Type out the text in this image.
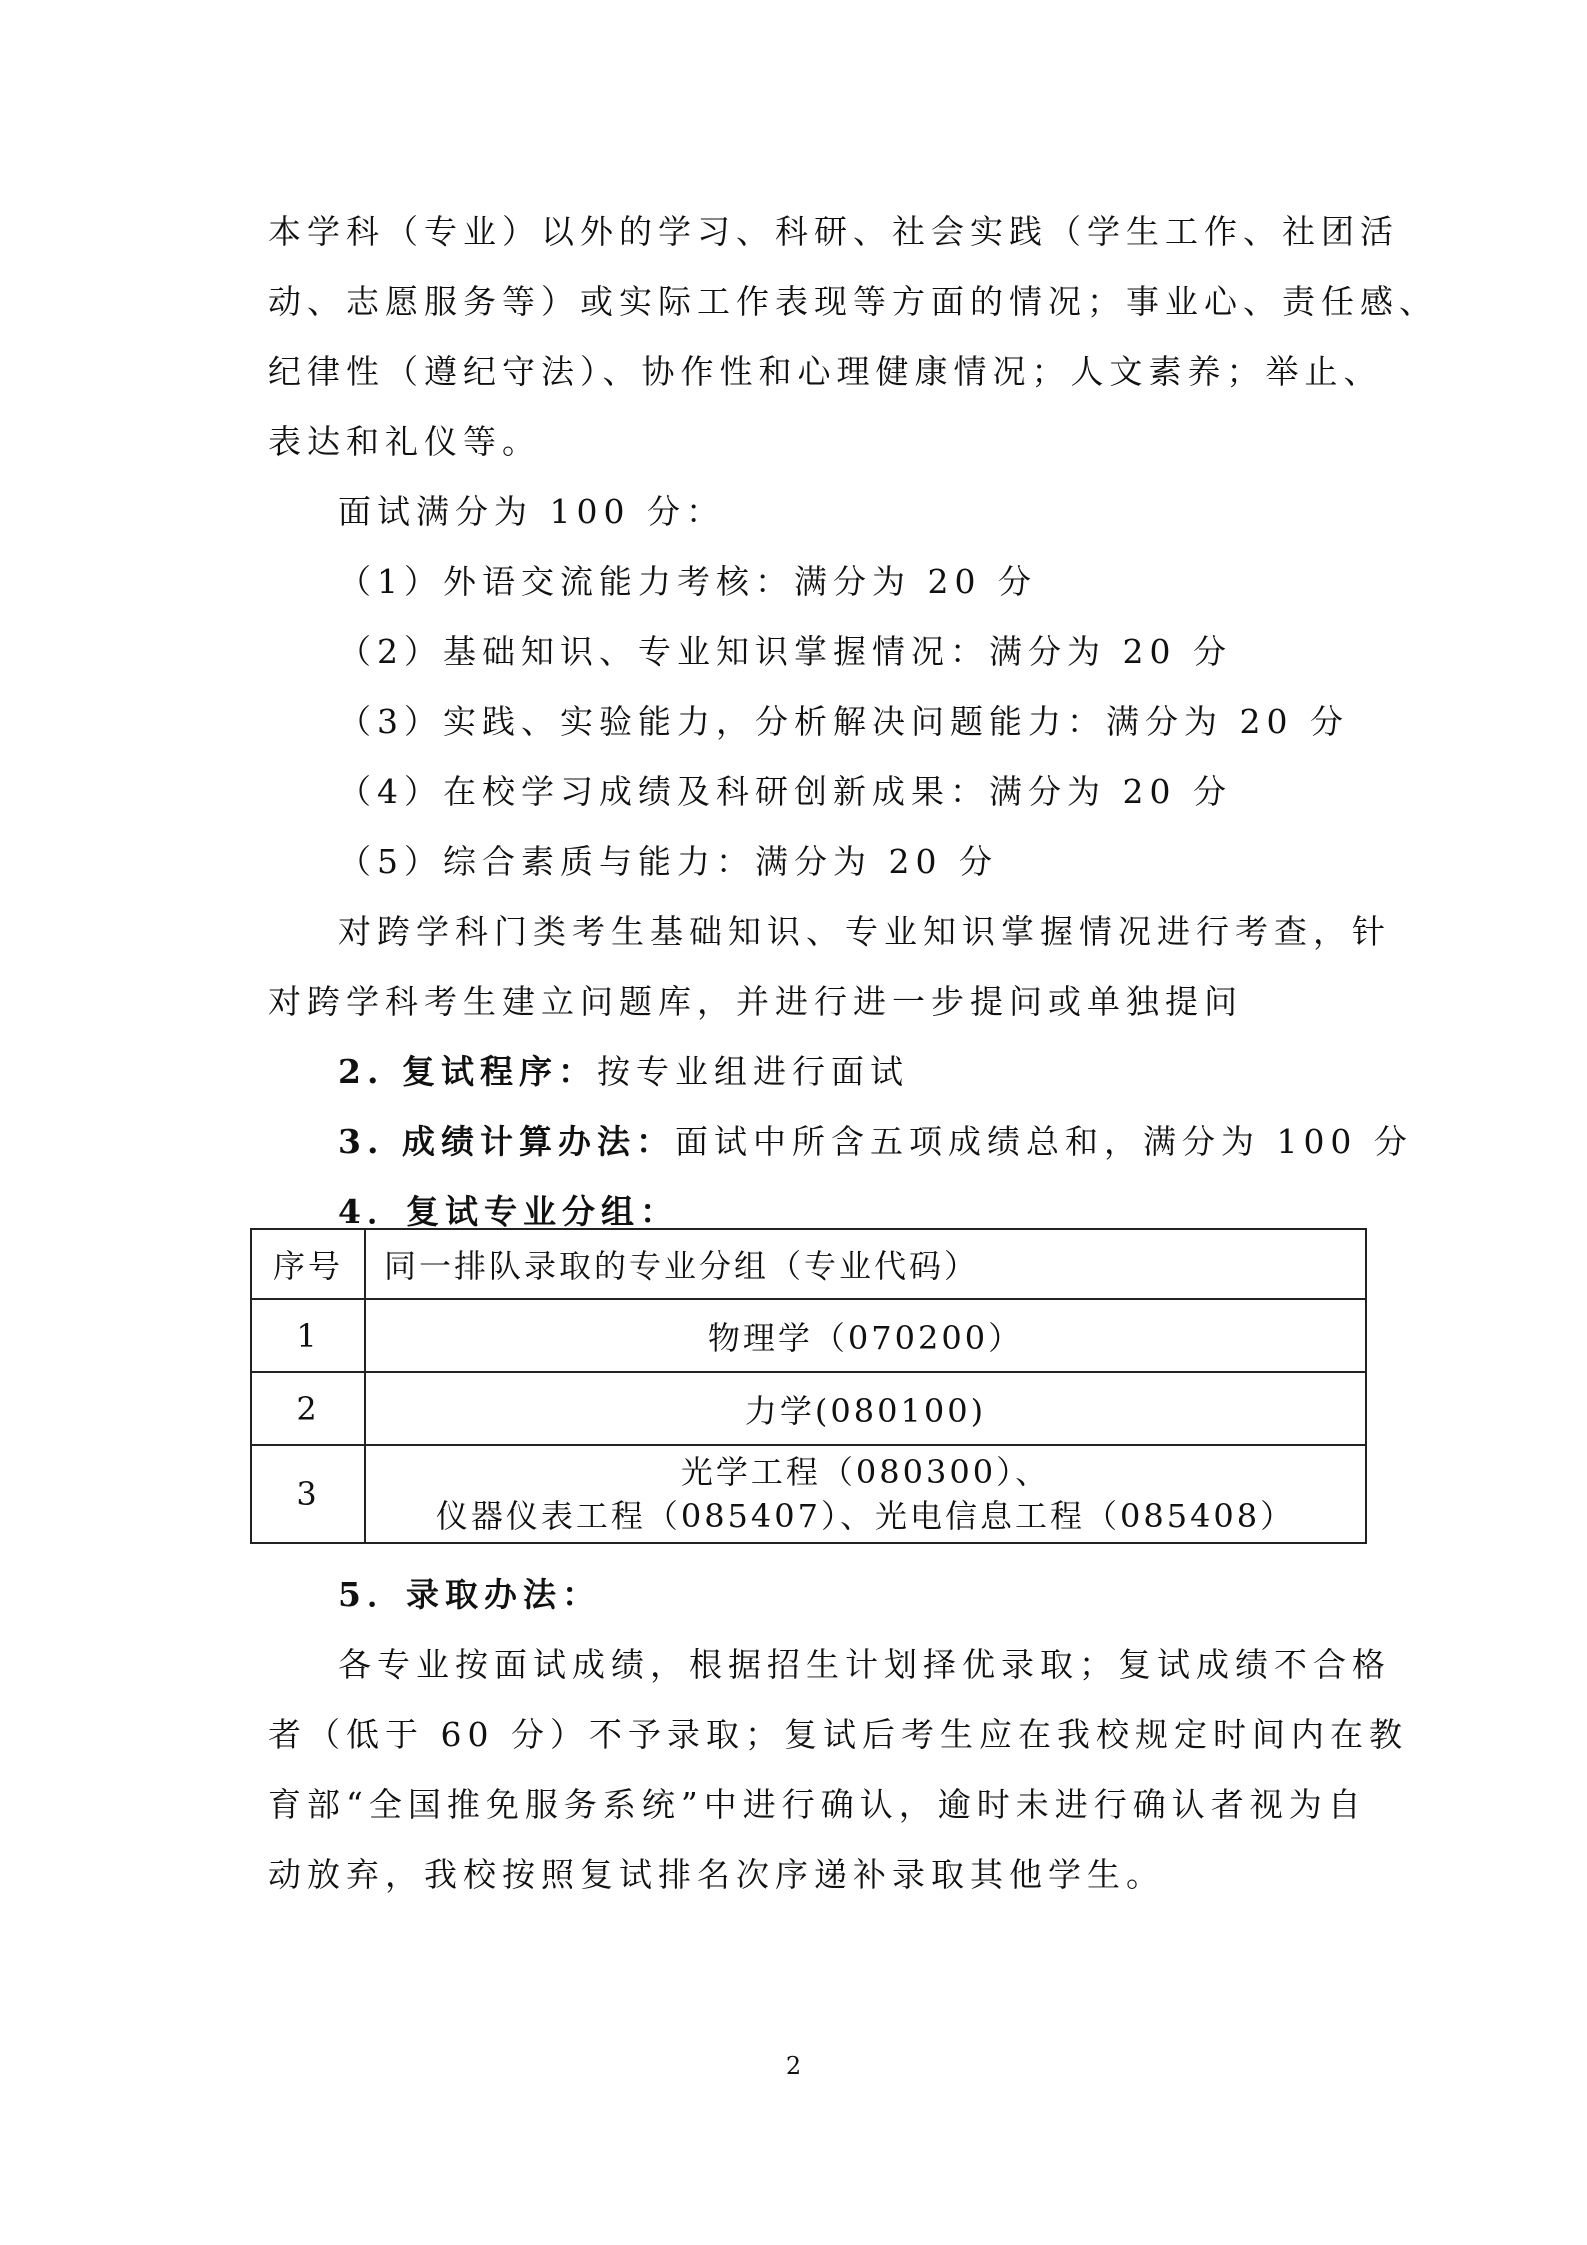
本学科（专业）以外的学习、科研、社会实践（学生工作、社团活
动、志愿服务等）或实际工作表现等方面的情况；事业心、责任感、
纪律性（遵纪守法）、协作性和心理健康情况；人文素养；举止、
表达和礼仪等。
面试满分为 100 分：
（1）外语交流能力考核：满分为 20 分
（2）基础知识、专业知识掌握情况：满分为 20 分
（3）实践、实验能力，分析解决问题能力：满分为 20 分
（4）在校学习成绩及科研创新成果：满分为 20 分
（5）综合素质与能力：满分为 20 分
对跨学科门类考生基础知识、专业知识掌握情况进行考查，针
对跨学科考生建立问题库，并进行进一步提问或单独提问
2. 复试程序：按专业组进行面试
3. 成绩计算办法：面试中所含五项成绩总和，满分为 100 分
4．复试专业分组：
序号	同一排队录取的专业分组（专业代码）
1	物理学（070200）
2	力学(080100)
3	光学工程（080300）、
仪器仪表工程（085407）、光电信息工程（085408）
5．录取办法：
各专业按面试成绩，根据招生计划择优录取；复试成绩不合格
者（低于 60 分）不予录取；复试后考生应在我校规定时间内在教
育部“全国推免服务系统”中进行确认，逾时未进行确认者视为自
动放弃，我校按照复试排名次序递补录取其他学生。
2
